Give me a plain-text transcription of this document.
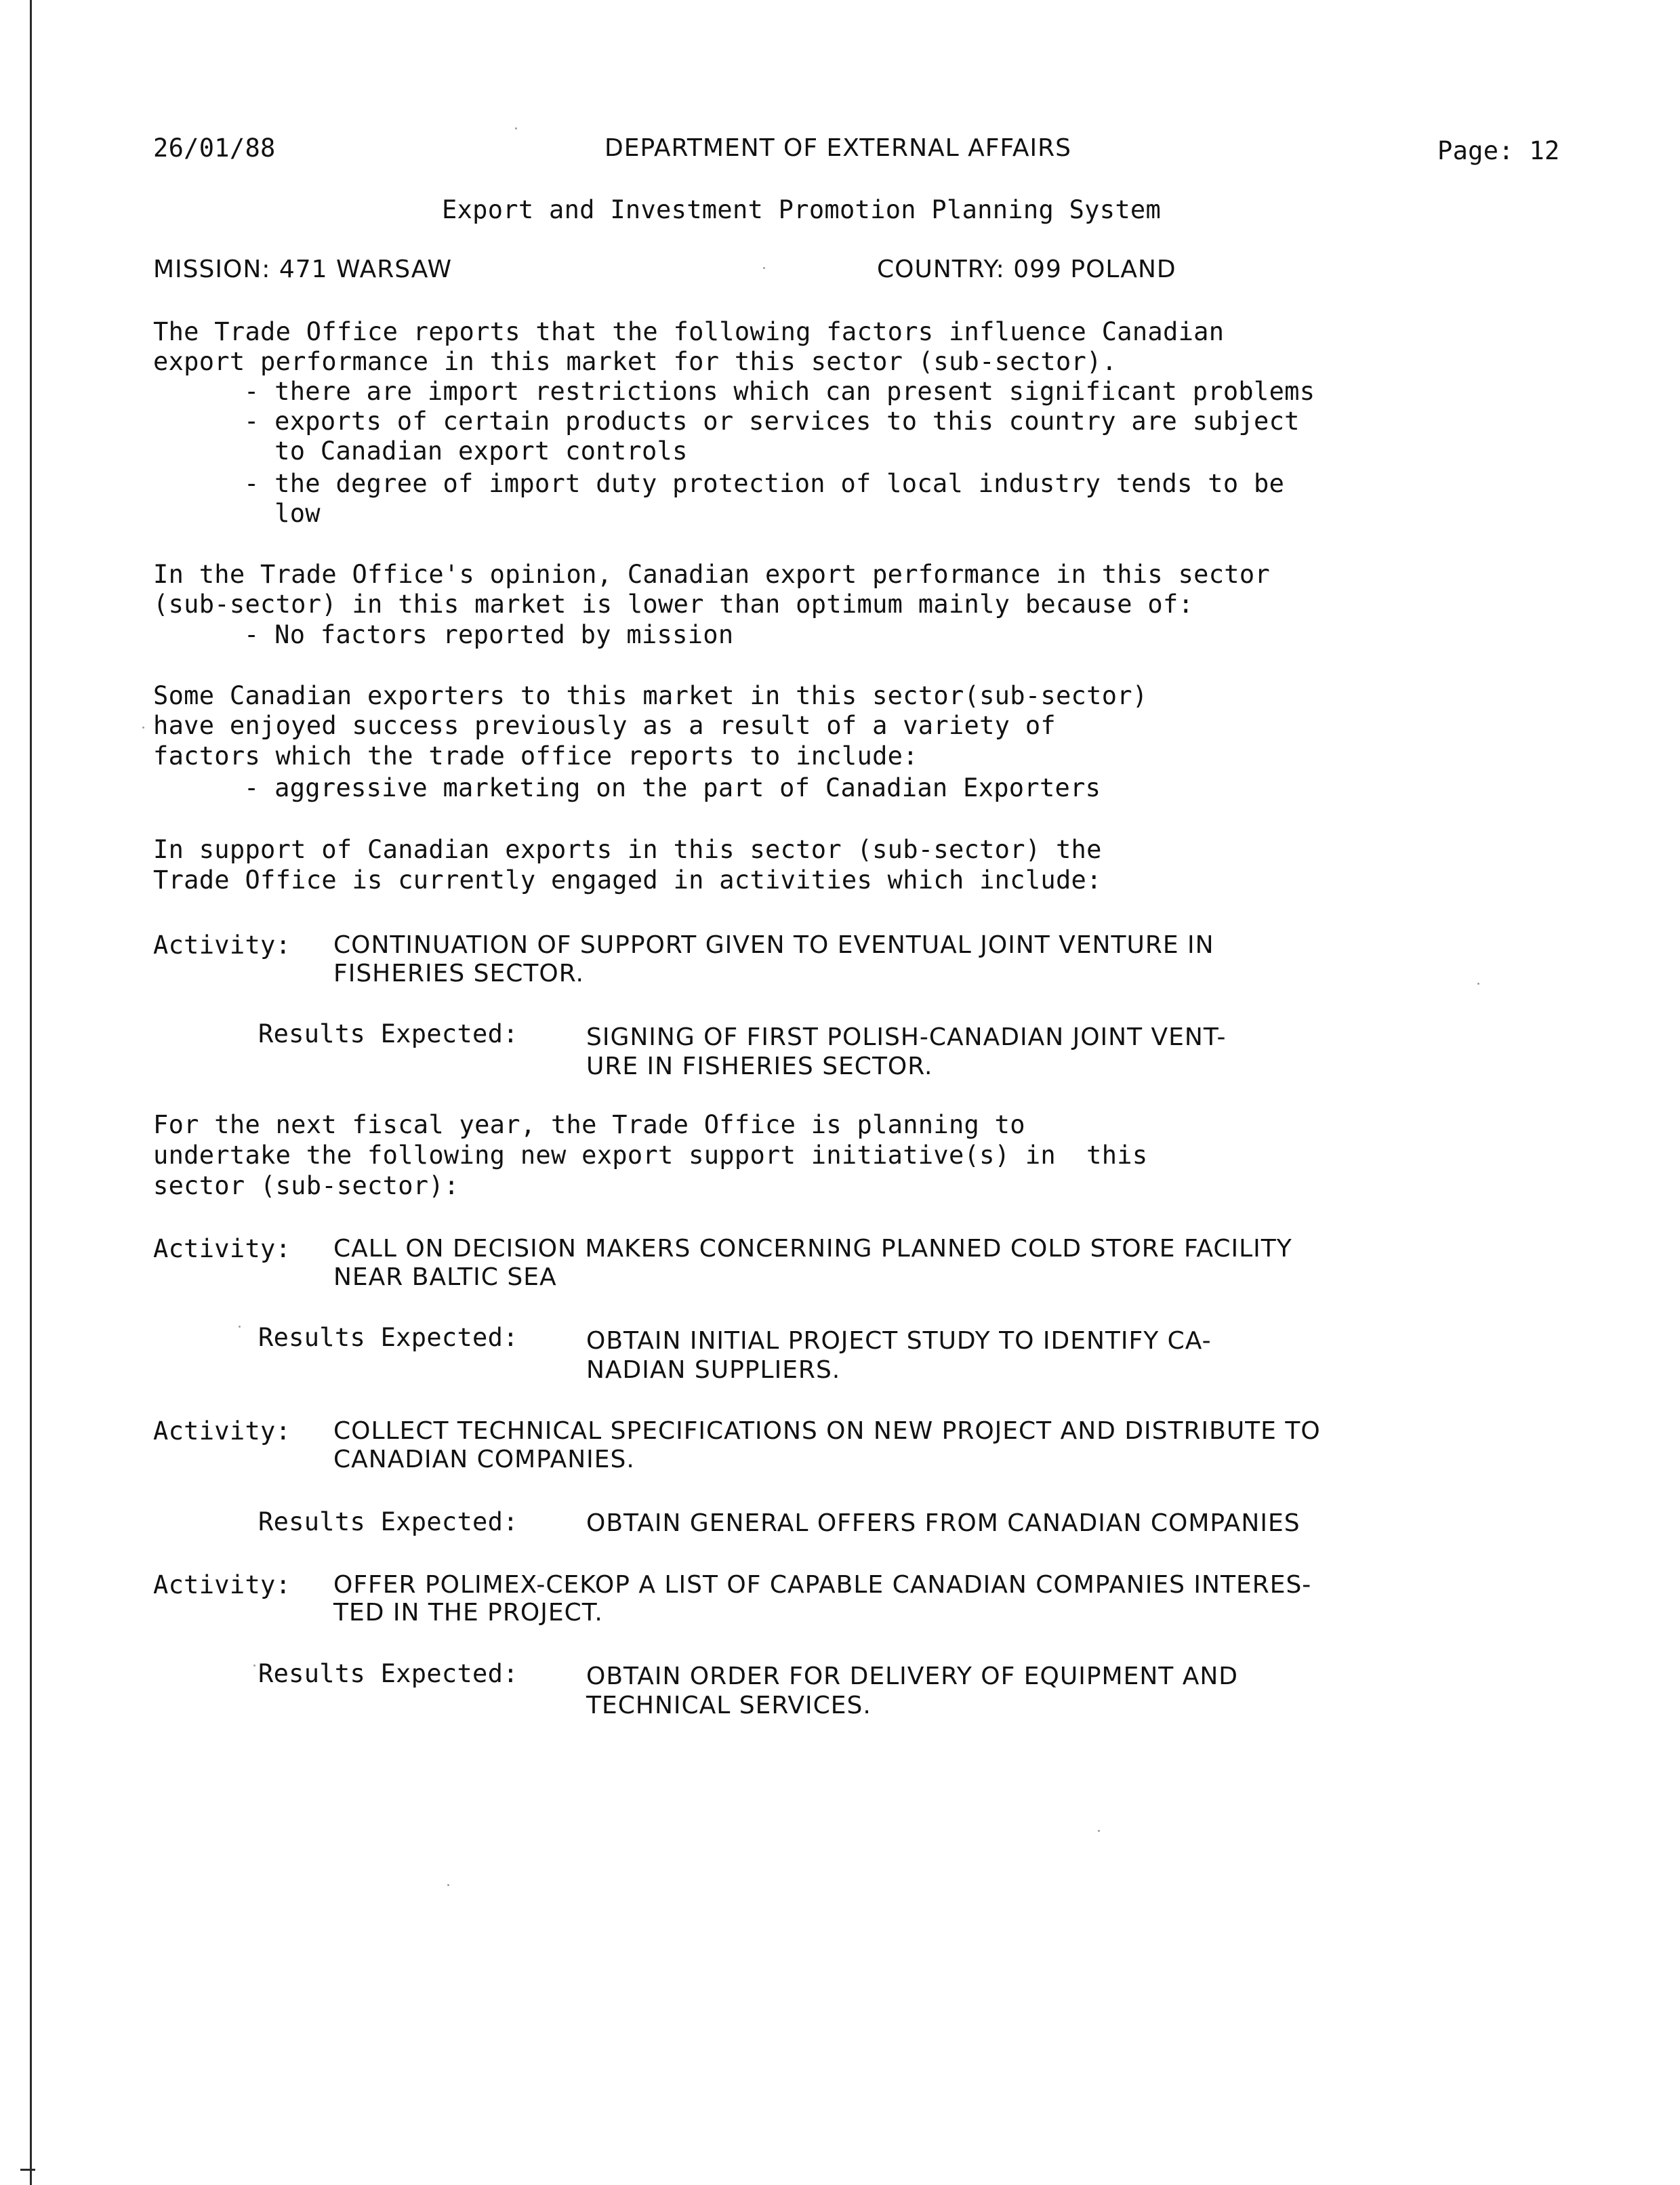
26/01/88	DEPARTMENT OF EXTERNAL AFFAIRS	Page: 12
Export and Investment Promotion Planning System
MISSION: 471 WARSAW	COUNTRY: 099 POLAND
The Trade Office reports that the following factors influence Canadian
export performance in this market for this sector (sub-sector).
- there are import restrictions which can present significant problems
- exports of certain products or services to this country are subject
to Canadian export controls
- the degree of import duty protection of local industry tends to be
low
In the Trade Office's opinion, Canadian export performance in this sector
(sub-sector) in this market is lower than optimum mainly because of:
- No factors reported by mission
Some Canadian exporters to this market in this sector(sub-sector)
have enjoyed success previously as a result of a variety of
factors which the trade office reports to include:
- aggressive marketing on the part of Canadian Exporters
In support of Canadian exports in this sector (sub-sector) the
Trade Office is currently engaged in activities which include:
Activity: CONTINUATION OF SUPPORT GIVEN TO EVENTUAL JOINT VENTURE IN
FISHERIES SECTOR.
Results Expected:	SIGNING OF FIRST POLISH-CANADIAN JOINT VENT-
URE IN FISHERIES SECTOR.
For the next fiscal year, the Trade Office is planning to
undertake the following new export support initiative(s) in  this
sector (sub-sector):
Activity: CALL ON DECISION MAKERS CONCERNING PLANNED COLD STORE FACILITY
NEAR BALTIC SEA
Results Expected:	OBTAIN INITIAL PROJECT STUDY TO IDENTIFY CA-
NADIAN SUPPLIERS.
Activity: COLLECT TECHNICAL SPECIFICATIONS ON NEW PROJECT AND DISTRIBUTE TO
CANADIAN COMPANIES.
Results Expected:	OBTAIN GENERAL OFFERS FROM CANADIAN COMPANIES
Activity: OFFER POLIMEX-CEKOP A LIST OF CAPABLE CANADIAN COMPANIES INTERES-
TED IN THE PROJECT.
Results Expected:	OBTAIN ORDER FOR DELIVERY OF EQUIPMENT AND
TECHNICAL SERVICES.
